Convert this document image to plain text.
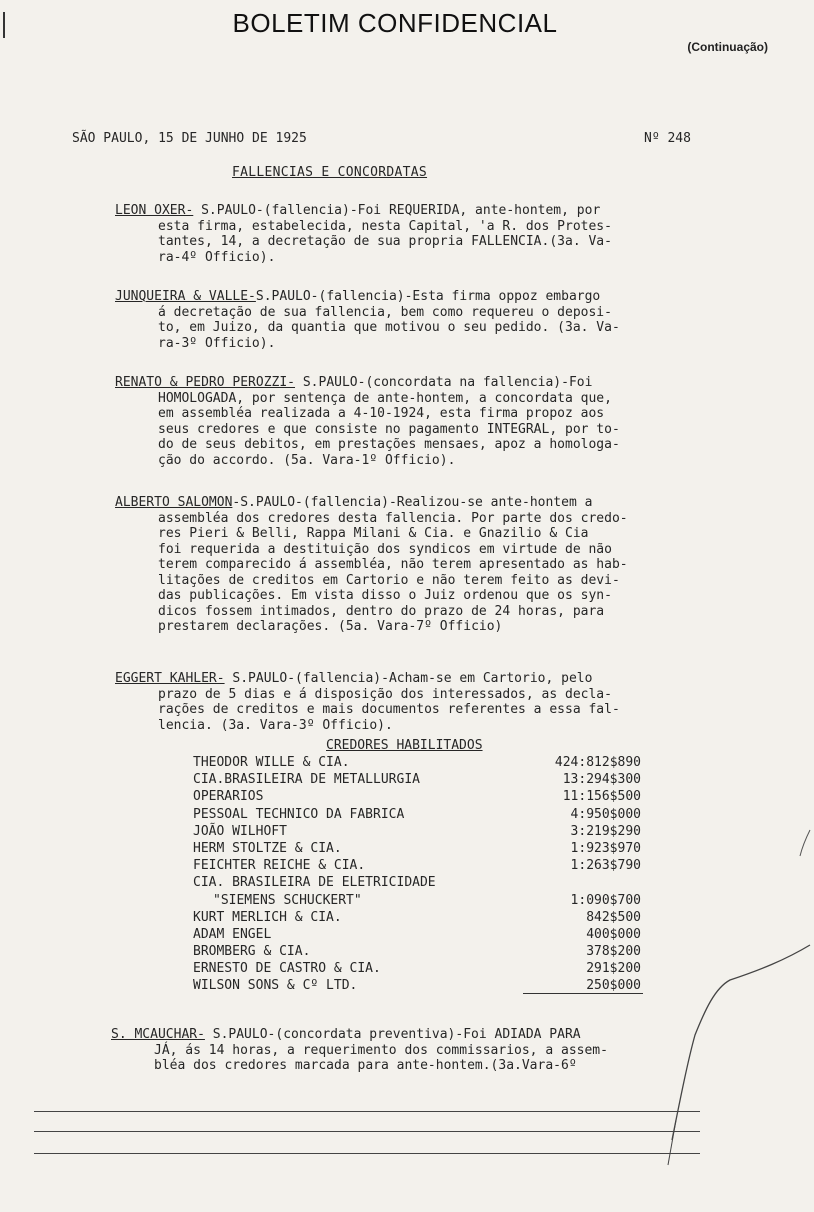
BOLETIM CONFIDENCIAL
(Continuação)
SÃO PAULO, 15 DE JUNHO DE 1925	Nº 248
FALLENCIAS E CONCORDATAS

LEON OXER- S.PAULO-(fallencia)-Foi REQUERIDA, ante-hontem, por

esta firma, estabelecida, nesta Capital, 'a R. dos Protes-

tantes, 14, a decretação de sua propria FALLENCIA.(3a. Va-

ra-4º Officio).

JUNQUEIRA & VALLE-S.PAULO-(fallencia)-Esta firma oppoz embargo

á decretação de sua fallencia, bem como requereu o deposi-

to, em Juizo, da quantia que motivou o seu pedido. (3a. Va-

ra-3º Officio).

RENATO & PEDRO PEROZZI- S.PAULO-(concordata na fallencia)-Foi

HOMOLOGADA, por sentença de ante-hontem, a concordata que,

em assembléa realizada a 4-10-1924, esta firma propoz aos

seus credores e que consiste no pagamento INTEGRAL, por to-

do de seus debitos, em prestações mensaes, apoz a homologa-

ção do accordo. (5a. Vara-1º Officio).

ALBERTO SALOMON-S.PAULO-(fallencia)-Realizou-se ante-hontem a

assembléa dos credores desta fallencia. Por parte dos credo-

res Pieri & Belli, Rappa Milani & Cia. e Gnazilio & Cia

foi requerida a destituição dos syndicos em virtude de não

terem comparecido á assembléa, não terem apresentado as hab-

litações de creditos em Cartorio e não terem feito as devi-

das publicações. Em vista disso o Juiz ordenou que os syn-

dicos fossem intimados, dentro do prazo de 24 horas, para

prestarem declarações. (5a. Vara-7º Officio)

EGGERT KAHLER- S.PAULO-(fallencia)-Acham-se em Cartorio, pelo

prazo de 5 dias e á disposição dos interessados, as decla-

rações de creditos e mais documentos referentes a essa fal-

lencia. (3a. Vara-3º Officio).

CREDORES HABILITADOS
THEODOR WILLE & CIA.	424:812$890
CIA.BRASILEIRA DE METALLURGIA	13:294$300
OPERARIOS	11:156$500
PESSOAL TECHNICO DA FABRICA	4:950$000
JOÃO WILHOFT	3:219$290
HERM STOLTZE & CIA.	1:923$970
FEICHTER REICHE & CIA.	1:263$790
CIA. BRASILEIRA DE ELETRICIDADE
"SIEMENS SCHUCKERT"	1:090$700
KURT MERLICH & CIA.	842$500
ADAM ENGEL	400$000
BROMBERG & CIA.	378$200
ERNESTO DE CASTRO & CIA.	291$200
WILSON SONS & Cº LTD.	250$000

S. MCAUCHAR- S.PAULO-(concordata preventiva)-Foi ADIADA PARA

JÁ, ás 14 horas, a requerimento dos commissarios, a assem-

bléa dos credores marcada para ante-hontem.(3a.Vara-6º
